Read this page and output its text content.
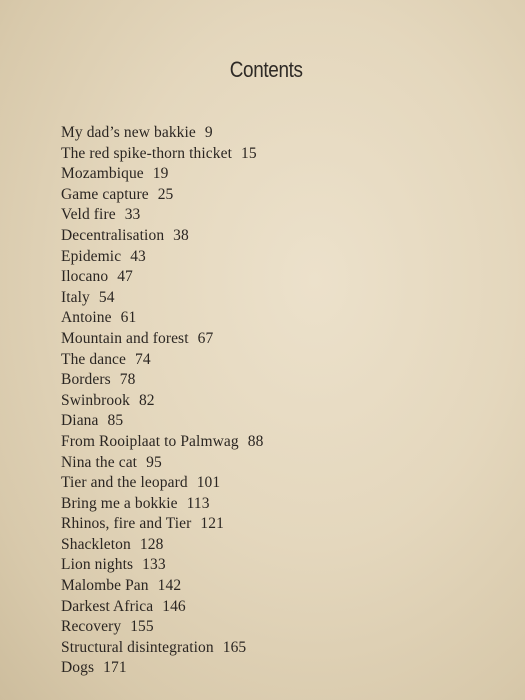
Contents
My dad’s new bakkie 9
The red spike-thorn thicket 15
Mozambique 19
Game capture 25
Veld fire 33
Decentralisation 38
Epidemic 43
Ilocano 47
Italy 54
Antoine 61
Mountain and forest 67
The dance 74
Borders 78
Swinbrook 82
Diana 85
From Rooiplaat to Palmwag 88
Nina the cat 95
Tier and the leopard 101
Bring me a bokkie 113
Rhinos, fire and Tier 121
Shackleton 128
Lion nights 133
Malombe Pan 142
Darkest Africa 146
Recovery 155
Structural disintegration 165
Dogs 171
